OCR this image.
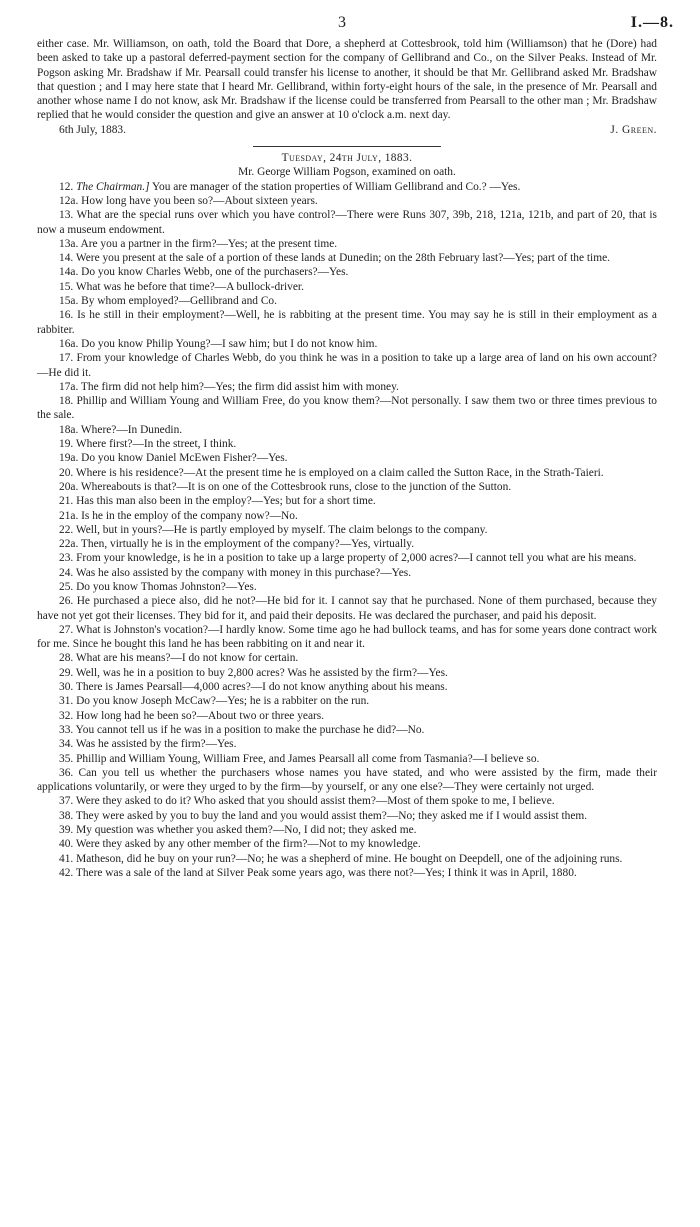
3	I.—8.

either case. Mr. Williamson, on oath, told the Board that Dore, a shepherd at Cottesbrook, told him (Williamson) that he (Dore) had been asked to take up a pastoral deferred-payment section for the company of Gellibrand and Co., on the Silver Peaks. Instead of Mr. Pogson asking Mr. Bradshaw if Mr. Pearsall could transfer his license to another, it should be that Mr. Gellibrand asked Mr. Bradshaw that question ; and I may here state that I heard Mr. Gellibrand, within forty-eight hours of the sale, in the presence of Mr. Pearsall and another whose name I do not know, ask Mr. Bradshaw if the license could be transferred from Pearsall to the other man ; Mr. Bradshaw replied that he would consider the question and give an answer at 10 o'clock a.m. next day.

6th July, 1883.	J. Green.

Tuesday, 24th July, 1883.

Mr. George William Pogson, examined on oath.

12. The Chairman.] You are manager of the station properties of William Gellibrand and Co.? —Yes.

12a. How long have you been so?—About sixteen years.

13. What are the special runs over which you have control?—There were Runs 307, 39b, 218, 121a, 121b, and part of 20, that is now a museum endowment.

13a. Are you a partner in the firm?—Yes; at the present time.

14. Were you present at the sale of a portion of these lands at Dunedin; on the 28th February last?—Yes; part of the time.

14a. Do you know Charles Webb, one of the purchasers?—Yes.

15. What was he before that time?—A bullock-driver.

15a. By whom employed?—Gellibrand and Co.

16. Is he still in their employment?—Well, he is rabbiting at the present time. You may say he is still in their employment as a rabbiter.

16a. Do you know Philip Young?—I saw him; but I do not know him.

17. From your knowledge of Charles Webb, do you think he was in a position to take up a large area of land on his own account?—He did it.

17a. The firm did not help him?—Yes; the firm did assist him with money.

18. Phillip and William Young and William Free, do you know them?—Not personally. I saw them two or three times previous to the sale.

18a. Where?—In Dunedin.

19. Where first?—In the street, I think.

19a. Do you know Daniel McEwen Fisher?—Yes.

20. Where is his residence?—At the present time he is employed on a claim called the Sutton Race, in the Strath-Taieri.

20a. Whereabouts is that?—It is on one of the Cottesbrook runs, close to the junction of the Sutton.

21. Has this man also been in the employ?—Yes; but for a short time.

21a. Is he in the employ of the company now?—No.

22. Well, but in yours?—He is partly employed by myself. The claim belongs to the company.

22a. Then, virtually he is in the employment of the company?—Yes, virtually.

23. From your knowledge, is he in a position to take up a large property of 2,000 acres?—I cannot tell you what are his means.

24. Was he also assisted by the company with money in this purchase?—Yes.

25. Do you know Thomas Johnston?—Yes.

26. He purchased a piece also, did he not?—He bid for it. I cannot say that he purchased. None of them purchased, because they have not yet got their licenses. They bid for it, and paid their deposits. He was declared the purchaser, and paid his deposit.

27. What is Johnston's vocation?—I hardly know. Some time ago he had bullock teams, and has for some years done contract work for me. Since he bought this land he has been rabbiting on it and near it.

28. What are his means?—I do not know for certain.

29. Well, was he in a position to buy 2,800 acres? Was he assisted by the firm?—Yes.

30. There is James Pearsall—4,000 acres?—I do not know anything about his means.

31. Do you know Joseph McCaw?—Yes; he is a rabbiter on the run.

32. How long had he been so?—About two or three years.

33. You cannot tell us if he was in a position to make the purchase he did?—No.

34. Was he assisted by the firm?—Yes.

35. Phillip and William Young, William Free, and James Pearsall all come from Tasmania?—I believe so.

36. Can you tell us whether the purchasers whose names you have stated, and who were assisted by the firm, made their applications voluntarily, or were they urged to by the firm—by yourself, or any one else?—They were certainly not urged.

37. Were they asked to do it? Who asked that you should assist them?—Most of them spoke to me, I believe.

38. They were asked by you to buy the land and you would assist them?—No; they asked me if I would assist them.

39. My question was whether you asked them?—No, I did not; they asked me.

40. Were they asked by any other member of the firm?—Not to my knowledge.

41. Matheson, did he buy on your run?—No; he was a shepherd of mine. He bought on Deepdell, one of the adjoining runs.

42. There was a sale of the land at Silver Peak some years ago, was there not?—Yes; I think it was in April, 1880.
